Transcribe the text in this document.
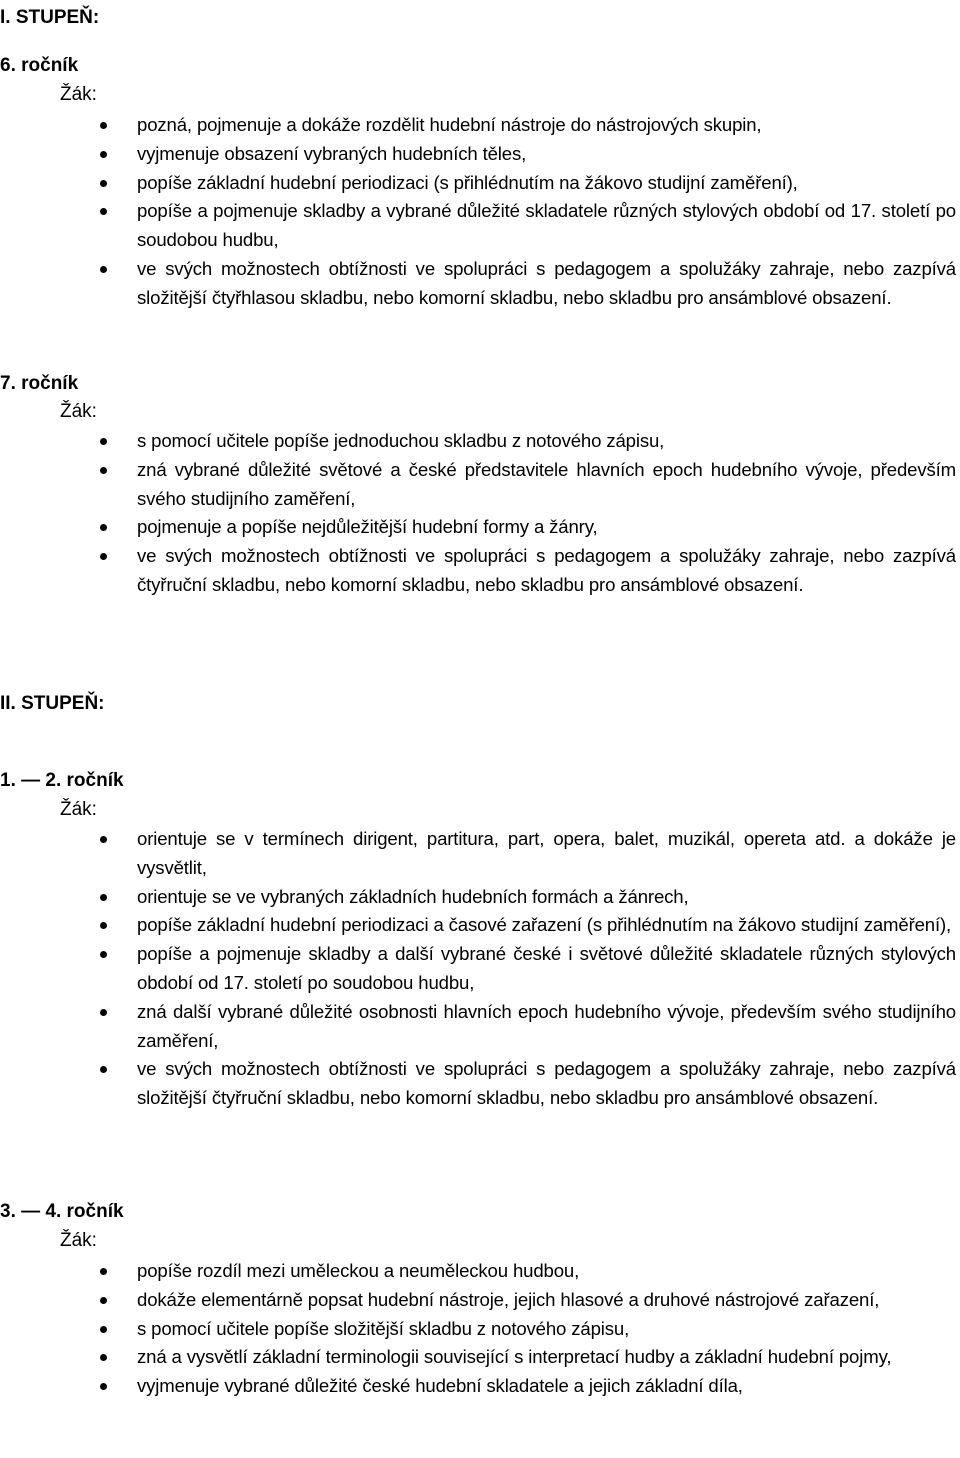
I. STUPEŇ:
6. ročník
Žák:
pozná, pojmenuje a dokáže rozdělit hudební nástroje do nástrojových skupin,
vyjmenuje obsazení vybraných hudebních těles,
popíše základní hudební periodizaci (s přihlédnutím na žákovo studijní zaměření),
popíše a pojmenuje skladby a vybrané důležité skladatele různých stylových období od 17. století po soudobou hudbu,
ve svých možnostech obtížnosti ve spolupráci s pedagogem a spolužáky zahraje, nebo zazpívá složitější čtyřhlasou skladbu, nebo komorní skladbu, nebo skladbu pro ansámblové obsazení.
7. ročník
Žák:
s pomocí učitele popíše jednoduchou skladbu z notového zápisu,
zná vybrané důležité světové a české představitele hlavních epoch hudebního vývoje, především svého studijního zaměření,
pojmenuje a popíše nejdůležitější hudební formy a žánry,
ve svých možnostech obtížnosti ve spolupráci s pedagogem a spolužáky zahraje, nebo zazpívá čtyřruční skladbu, nebo komorní skladbu, nebo skladbu pro ansámblové obsazení.
II. STUPEŇ:
1. — 2. ročník
Žák:
orientuje se v termínech dirigent, partitura, part, opera, balet, muzikál, opereta atd. a dokáže je vysvětlit,
orientuje se ve vybraných základních hudebních formách a žánrech,
popíše základní hudební periodizaci a časové zařazení (s přihlédnutím na žákovo studijní zaměření),
popíše a pojmenuje skladby a další vybrané české i světové důležité skladatele různých stylových období od 17. století po soudobou hudbu,
zná další vybrané důležité osobnosti hlavních epoch hudebního vývoje, především svého studijního zaměření,
ve svých možnostech obtížnosti ve spolupráci s pedagogem a spolužáky zahraje, nebo zazpívá složitější čtyřruční skladbu, nebo komorní skladbu, nebo skladbu pro ansámblové obsazení.
3. — 4. ročník
Žák:
popíše rozdíl mezi uměleckou a neuměleckou hudbou,
dokáže elementárně popsat hudební nástroje, jejich hlasové a druhové nástrojové zařazení,
s pomocí učitele popíše složitější skladbu z notového zápisu,
zná a vysvětlí základní terminologii související s interpretací hudby a základní hudební pojmy,
vyjmenuje vybrané důležité české hudební skladatele a jejich základní díla,
